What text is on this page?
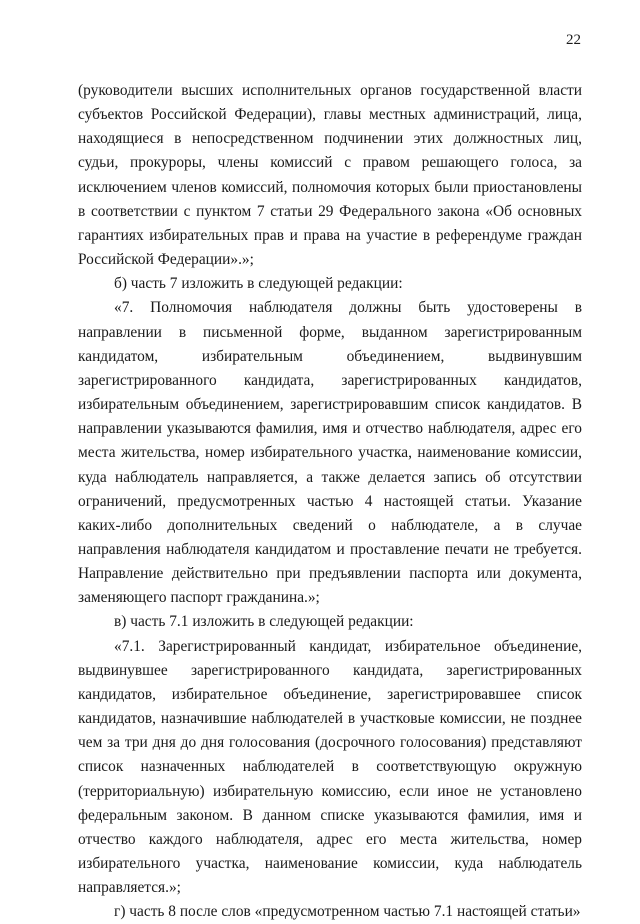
22

(руководители высших исполнительных органов государственной власти субъектов Российской Федерации), главы местных администраций, лица, находящиеся в непосредственном подчинении этих должностных лиц, судьи, прокуроры, члены комиссий с правом решающего голоса, за исключением членов комиссий, полномочия которых были приостановлены в соответствии с пунктом 7 статьи 29 Федерального закона «Об основных гарантиях избирательных прав и права на участие в референдуме граждан Российской Федерации».»;

б) часть 7 изложить в следующей редакции:

«7. Полномочия наблюдателя должны быть удостоверены в направлении в письменной форме, выданном зарегистрированным кандидатом, избирательным объединением, выдвинувшим зарегистрированного кандидата, зарегистрированных кандидатов, избирательным объединением, зарегистрировавшим список кандидатов. В направлении указываются фамилия, имя и отчество наблюдателя, адрес его места жительства, номер избирательного участка, наименование комиссии, куда наблюдатель направляется, а также делается запись об отсутствии ограничений, предусмотренных частью 4 настоящей статьи. Указание каких-либо дополнительных сведений о наблюдателе, а в случае направления наблюдателя кандидатом и проставление печати не требуется. Направление действительно при предъявлении паспорта или документа, заменяющего паспорт гражданина.»;

в) часть 7.1 изложить в следующей редакции:

«7.1. Зарегистрированный кандидат, избирательное объединение, выдвинувшее зарегистрированного кандидата, зарегистрированных кандидатов, избирательное объединение, зарегистрировавшее список кандидатов, назначившие наблюдателей в участковые комиссии, не позднее чем за три дня до дня голосования (досрочного голосования) представляют список назначенных наблюдателей в соответствующую окружную (территориальную) избирательную комиссию, если иное не установлено федеральным законом. В данном списке указываются фамилия, имя и отчество каждого наблюдателя, адрес его места жительства, номер избирательного участка, наименование комиссии, куда наблюдатель направляется.»;

г) часть 8 после слов «предусмотренном частью 7.1 настоящей статьи»
